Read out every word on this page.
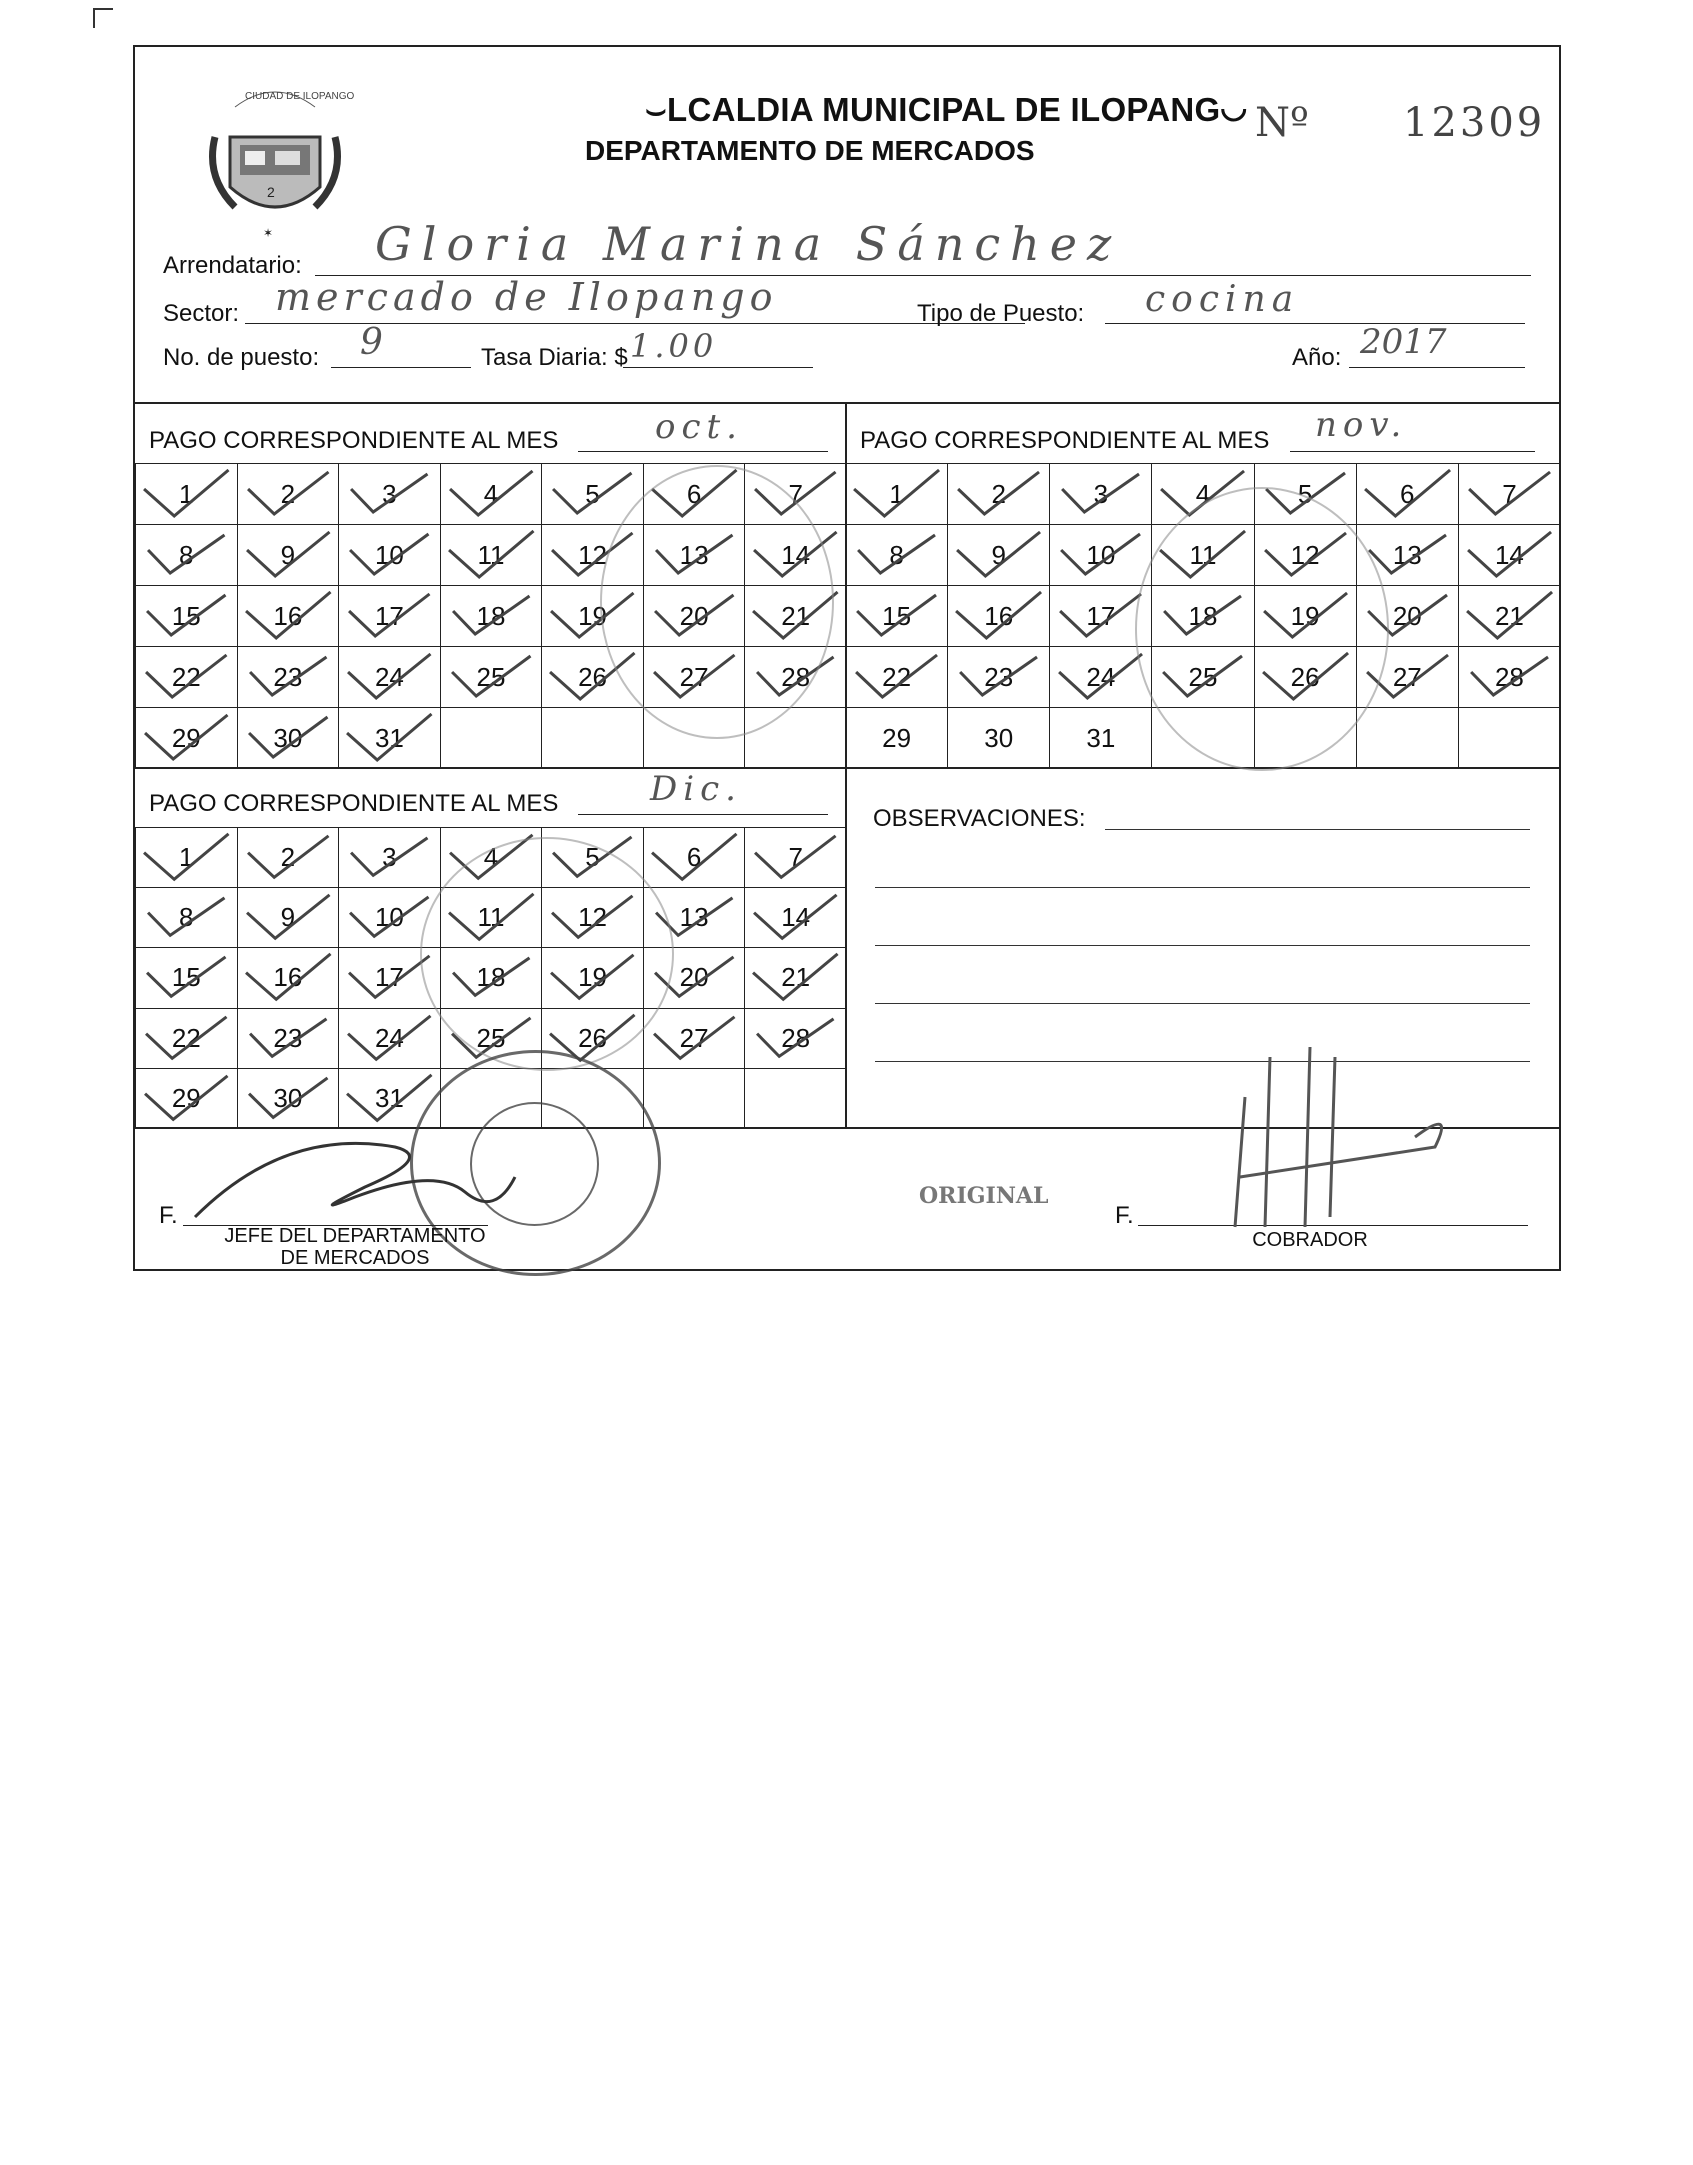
CIUDAD DE ILOPANGO
2
✶
⌣LCALDIA MUNICIPAL DE ILOPANG◡
DEPARTAMENTO DE MERCADOS
Nº 12309
Arrendatario: Gloria Marina Sánchez
Sector: mercado de Ilopango	Tipo de Puesto: cocina
No. de puesto: 9	Tasa Diaria: $ 1.00	Año: 2017
PAGO CORRESPONDIENTE AL MES	oct.
1	2	3	4	5	6	7

8	9	10	11	12	13	14

15	16	17	18	19	20	21

22	23	24	25	26	27	28

29	30	31

PAGO CORRESPONDIENTE AL MES nov.
1	2	3	4	5	6	7

8	9	10	11	12	13	14

15	16	17	18	19	20	21

22	23	24	25	26	27	28

29	30	31				
PAGO CORRESPONDIENTE AL MES	Dic.
1	2	3	4	5	6	7

8	9	10	11	12	13	14

15	16	17	18	19	20	21

22	23	24	25	26	27	28

29	30	31

OBSERVACIONES:
ORIGINAL
F.
JEFE DEL DEPARTAMENTO
DE MERCADOS
F.
COBRADOR
